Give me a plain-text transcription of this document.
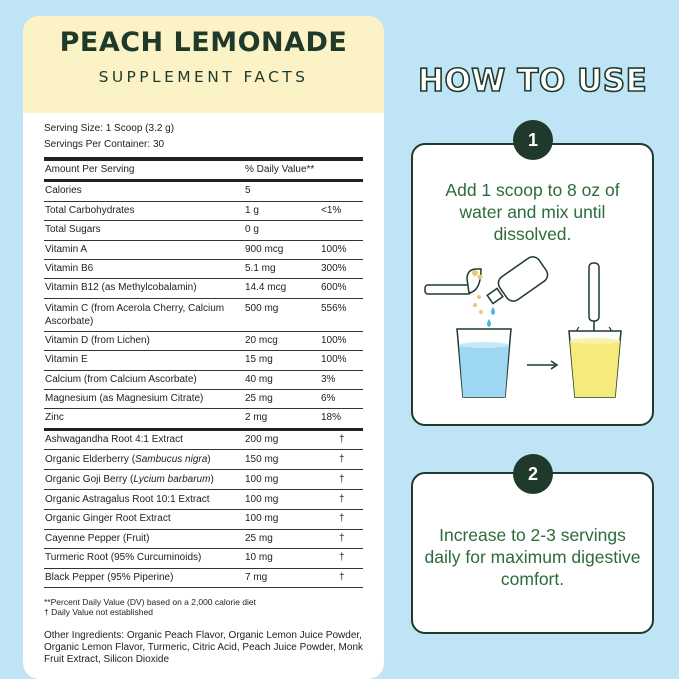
PEACH LEMONADE
SUPPLEMENT FACTS
Serving Size: 1 Scoop (3.2 g)
Servings Per Container: 30
Amount Per Serving	% Daily Value**
Calories	5
Total Carbohydrates	1 g	<1%
Total Sugars	0 g
Vitamin A	900 mcg	100%
Vitamin B6	5.1 mg	300%
Vitamin B12 (as Methylcobalamin)	14.4 mcg	600%
Vitamin C (from Acerola Cherry, Calcium Ascorbate)
500 mg	556%
Vitamin D (from Lichen)	20 mcg	100%
Vitamin E	15 mg	100%
Calcium (from Calcium Ascorbate)	40 mg	3%
Magnesium (as Magnesium Citrate)	25 mg	6%
Zinc	2 mg	18%
Ashwagandha Root 4:1 Extract	200 mg	†
Organic Elderberry (Sambucus nigra)	150 mg	†
Organic Goji Berry (Lycium barbarum)	100 mg	†
Organic Astragalus Root 10:1 Extract	100 mg	†
Organic Ginger Root Extract	100 mg	†
Cayenne Pepper (Fruit)	25 mg	†
Turmeric Root (95% Curcuminoids)	10 mg	†
Black Pepper (95% Piperine)	7 mg	†
**Percent Daily Value (DV) based on a 2,000 calorie diet
† Daily Value not established
Other Ingredients: Organic Peach Flavor, Organic Lemon Juice Powder, Organic Lemon Flavor, Turmeric, Citric Acid, Peach Juice Powder, Monk Fruit Extract, Silicon Dioxide
HOW TO USE
Add 1 scoop to 8 oz of water and mix until dissolved.
1
Increase to 2-3 servings daily for maximum digestive comfort.
2
